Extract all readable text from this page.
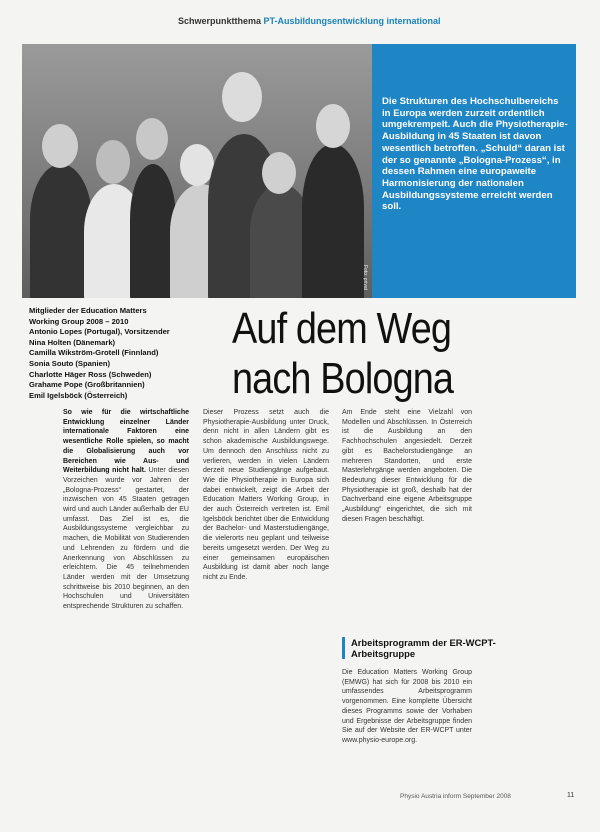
Schwerpunktthema PT-Ausbildungsentwicklung international
Foto: privat

Die Strukturen des Hochschulbereichs in Europa werden zurzeit ordentlich umgekrempelt. Auch die Physiotherapie-Ausbildung in 45 Staaten ist davon wesentlich betroffen. „Schuld“ daran ist der so genannte „Bologna-Prozess“, in dessen Rahmen eine europaweite Harmonisierung der nationalen Ausbildungssysteme erreicht werden soll.

Mitglieder der Education Matters
Working Group 2008 – 2010
Antonio Lopes (Portugal), Vorsitzender
Nina Holten (Dänemark)
Camilla Wikström-Grotell (Finnland)
Sonia Souto (Spanien)
Charlotte Häger Ross (Schweden)
Grahame Pope (Großbritannien)
Emil Igelsböck (Österreich)
Auf dem Weg
nach Bologna

So wie für die wirtschaftliche Entwicklung einzelner Länder internationale Faktoren eine wesentliche Rolle spielen, so macht die Globalisierung auch vor Bereichen wie Aus- und Weiterbildung nicht halt. Unter diesen Vorzeichen wurde vor Jahren der „Bologna-Prozess“ gestartet, der inzwischen von 45 Staaten getragen wird und auch Länder außerhalb der EU umfasst. Das Ziel ist es, die Ausbildungssysteme vergleichbar zu machen, die Mobilität von Studierenden und Lehrenden zu fördern und die Anerkennung von Abschlüssen zu erleichtern. Die 45 teilnehmenden Länder werden mit der Umsetzung schrittweise bis 2010 beginnen, an den Hochschulen und Universitäten entsprechende Strukturen zu schaffen.

Dieser Prozess setzt auch die Physiotherapie-Ausbildung unter Druck, denn nicht in allen Ländern gibt es schon akademische Ausbildungswege. Um dennoch den Anschluss nicht zu verlieren, werden in vielen Ländern derzeit neue Studiengänge aufgebaut. Wie die Physiotherapie in Europa sich dabei entwickelt, zeigt die Arbeit der Education Matters Working Group, in der auch Österreich vertreten ist. Emil Igelsböck berichtet über die Entwicklung der Bachelor- und Masterstudiengänge, die vielerorts neu geplant und teilweise bereits umgesetzt werden. Der Weg zu einer gemeinsamen europäischen Ausbildung ist damit aber noch lange nicht zu Ende.

Am Ende steht eine Vielzahl von Modellen und Abschlüssen. In Österreich ist die Ausbildung an den Fachhochschulen angesiedelt. Derzeit gibt es Bachelorstudiengänge an mehreren Standorten, und erste Masterlehrgänge werden angeboten. Die Bedeutung dieser Entwicklung für die Physiotherapie ist groß, deshalb hat der Dachverband eine eigene Arbeitsgruppe „Ausbildung“ eingerichtet, die sich mit diesen Fragen beschäftigt.

Arbeitsprogramm der ER-WCPT-Arbeitsgruppe

Die Education Matters Working Group (EMWG) hat sich für 2008 bis 2010 ein umfassendes Arbeitsprogramm vorgenommen. Eine komplette Übersicht dieses Programms sowie der Vorhaben und Ergebnisse der Arbeitsgruppe finden Sie auf der Website der ER-WCPT unter www.physio-europe.org.

Physio Austria inform September 2008	11
